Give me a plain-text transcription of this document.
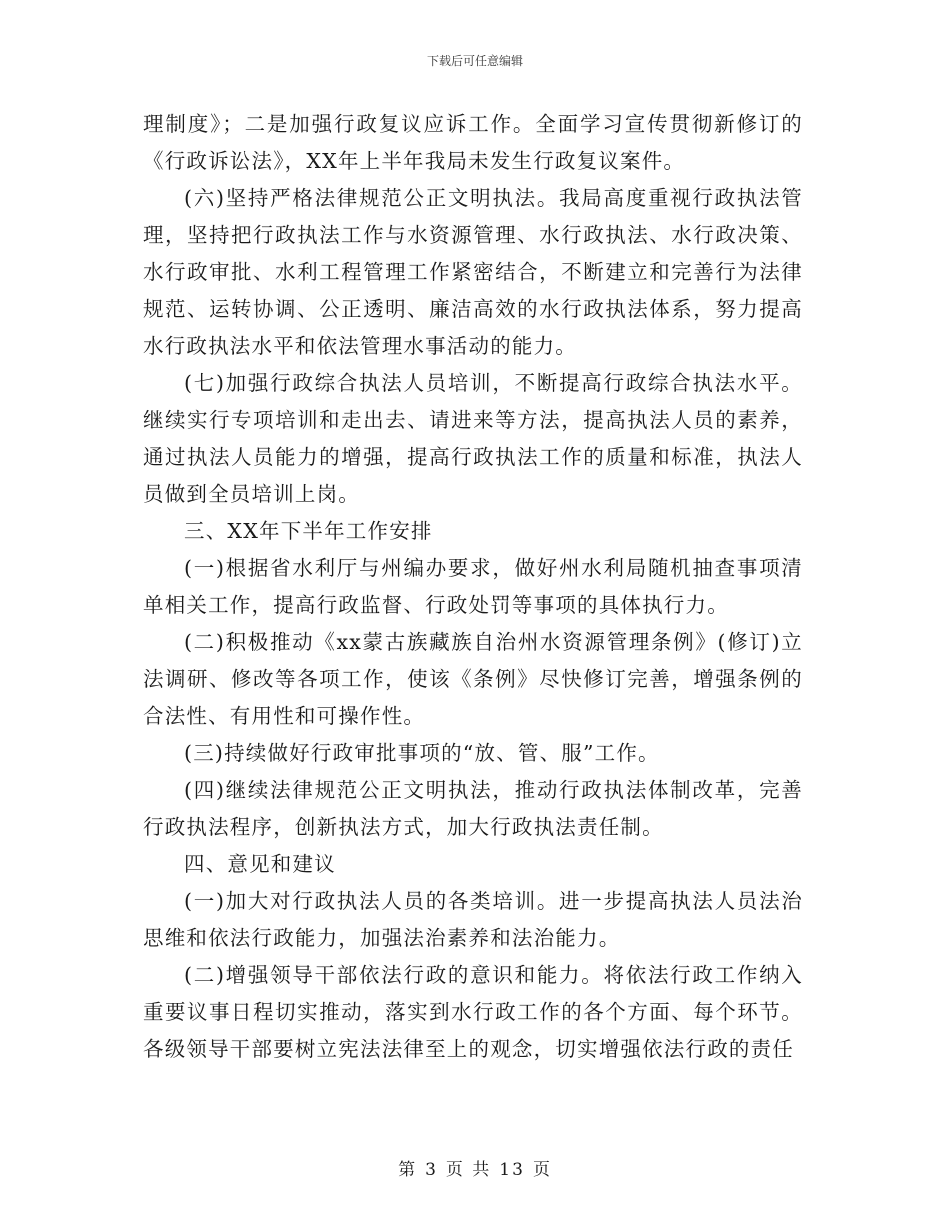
下载后可任意编辑

理制度》；二是加强行政复议应诉工作。全面学习宣传贯彻新修订的《行政诉讼法》，XX年上半年我局未发生行政复议案件。

(六)坚持严格法律规范公正文明执法。我局高度重视行政执法管理，坚持把行政执法工作与水资源管理、水行政执法、水行政决策、水行政审批、水利工程管理工作紧密结合，不断建立和完善行为法律规范、运转协调、公正透明、廉洁高效的水行政执法体系，努力提高水行政执法水平和依法管理水事活动的能力。

(七)加强行政综合执法人员培训，不断提高行政综合执法水平。继续实行专项培训和走出去、请进来等方法，提高执法人员的素养，通过执法人员能力的增强，提高行政执法工作的质量和标准，执法人员做到全员培训上岗。

三、XX年下半年工作安排

(一)根据省水利厅与州编办要求，做好州水利局随机抽查事项清单相关工作，提高行政监督、行政处罚等事项的具体执行力。

(二)积极推动《xx蒙古族藏族自治州水资源管理条例》(修订)立法调研、修改等各项工作，使该《条例》尽快修订完善，增强条例的合法性、有用性和可操作性。

(三)持续做好行政审批事项的“放、管、服”工作。

(四)继续法律规范公正文明执法，推动行政执法体制改革，完善行政执法程序，创新执法方式，加大行政执法责任制。

四、意见和建议

(一)加大对行政执法人员的各类培训。进一步提高执法人员法治思维和依法行政能力，加强法治素养和法治能力。

(二)增强领导干部依法行政的意识和能力。将依法行政工作纳入重要议事日程切实推动，落实到水行政工作的各个方面、每个环节。各级领导干部要树立宪法法律至上的观念，切实增强依法行政的责任

第 3 页 共 13 页
